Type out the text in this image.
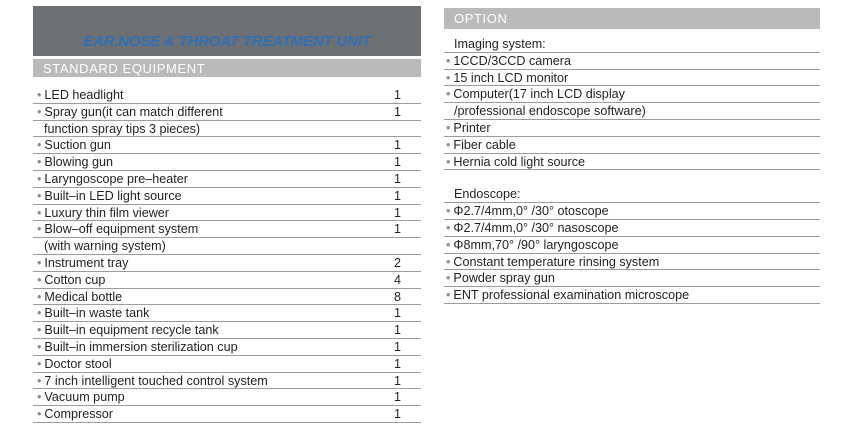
EAR.NOSE & THROAT TREATMENT UNIT
STANDARD EQUIPMENT
• LED headlight	1
• Spray gun(it can match different	1
function spray tips 3 pieces)
• Suction gun	1
• Blowing gun	1
• Laryngoscope pre–heater	1
• Built–in LED light source	1
• Luxury thin film viewer	1
• Blow–off equipment system	1
(with warning system)
• Instrument tray	2
• Cotton cup	4
• Medical bottle	8
• Built–in waste tank	1
• Built–in equipment recycle tank	1
• Built–in immersion sterilization cup	1
• Doctor stool	1
• 7 inch intelligent touched control system	1
• Vacuum pump	1
• Compressor	1
OPTION
Imaging system:
• 1CCD/3CCD camera
• 15 inch LCD monitor
• Computer(17 inch LCD display
/professional endoscope software)
• Printer
• Fiber cable
• Hernia cold light source
Endoscope:
• Φ2.7/4mm,0° /30° otoscope
• Φ2.7/4mm,0° /30° nasoscope
• Φ8mm,70° /90° laryngoscope
• Constant temperature rinsing system
• Powder spray gun
• ENT professional examination microscope
